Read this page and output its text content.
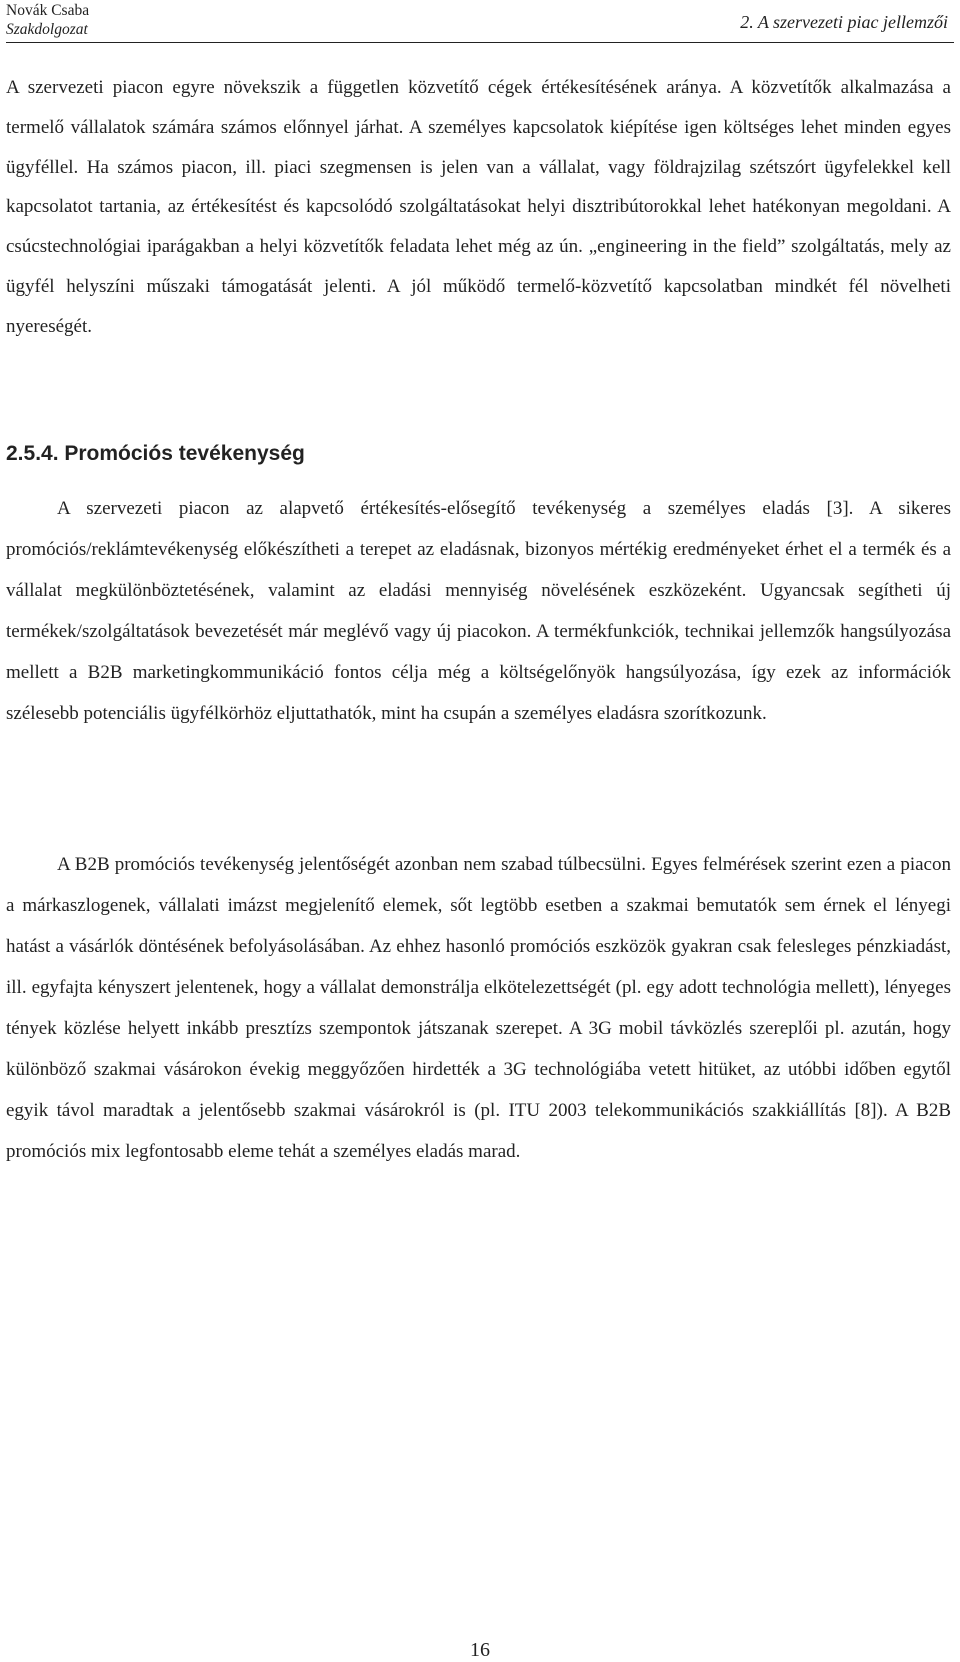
Novák Csaba
Szakdolgozat	2. A szervezeti piac jellemzői

A szervezeti piacon egyre növekszik a független közvetítő cégek értékesítésének aránya. A közvetítők alkalmazása a termelő vállalatok számára számos előnnyel járhat. A személyes kapcsolatok kiépítése igen költséges lehet minden egyes ügyféllel. Ha számos piacon, ill. piaci szegmensen is jelen van a vállalat, vagy földrajzilag szétszórt ügyfelekkel kell kapcsolatot tartania, az értékesítést és kapcsolódó szolgáltatásokat helyi disztribútorokkal lehet hatékonyan megoldani. A csúcstechnológiai iparágakban a helyi közvetítők feladata lehet még az ún. „engineering in the field” szolgáltatás, mely az ügyfél helyszíni műszaki támogatását jelenti. A jól működő termelő-közvetítő kapcsolatban mindkét fél növelheti nyereségét.

2.5.4. Promóciós tevékenység

A szervezeti piacon az alapvető értékesítés-elősegítő tevékenység a személyes eladás [3]. A sikeres promóciós/reklámtevékenység előkészítheti a terepet az eladásnak, bizonyos mértékig eredményeket érhet el a termék és a vállalat megkülönböztetésének, valamint az eladási mennyiség növelésének eszközeként. Ugyancsak segítheti új termékek/szolgáltatások bevezetését már meglévő vagy új piacokon. A termékfunkciók, technikai jellemzők hangsúlyozása mellett a B2B marketingkommunikáció fontos célja még a költségelőnyök hangsúlyozása, így ezek az információk szélesebb potenciális ügyfélkörhöz eljuttathatók, mint ha csupán a személyes eladásra szorítkozunk.

A B2B promóciós tevékenység jelentőségét azonban nem szabad túlbecsülni. Egyes felmérések szerint ezen a piacon a márkaszlogenek, vállalati imázst megjelenítő elemek, sőt legtöbb esetben a szakmai bemutatók sem érnek el lényegi hatást a vásárlók döntésének befolyásolásában. Az ehhez hasonló promóciós eszközök gyakran csak felesleges pénzkiadást, ill. egyfajta kényszert jelentenek, hogy a vállalat demonstrálja elkötelezettségét (pl. egy adott technológia mellett), lényeges tények közlése helyett inkább presztízs szempontok játszanak szerepet. A 3G mobil távközlés szereplői pl. azután, hogy különböző szakmai vásárokon évekig meggyőzően hirdették a 3G technológiába vetett hitüket, az utóbbi időben egytől egyik távol maradtak a jelentősebb szakmai vásárokról is (pl. ITU 2003 telekommunikációs szakkiállítás [8]). A B2B promóciós mix legfontosabb eleme tehát a személyes eladás marad.

16
